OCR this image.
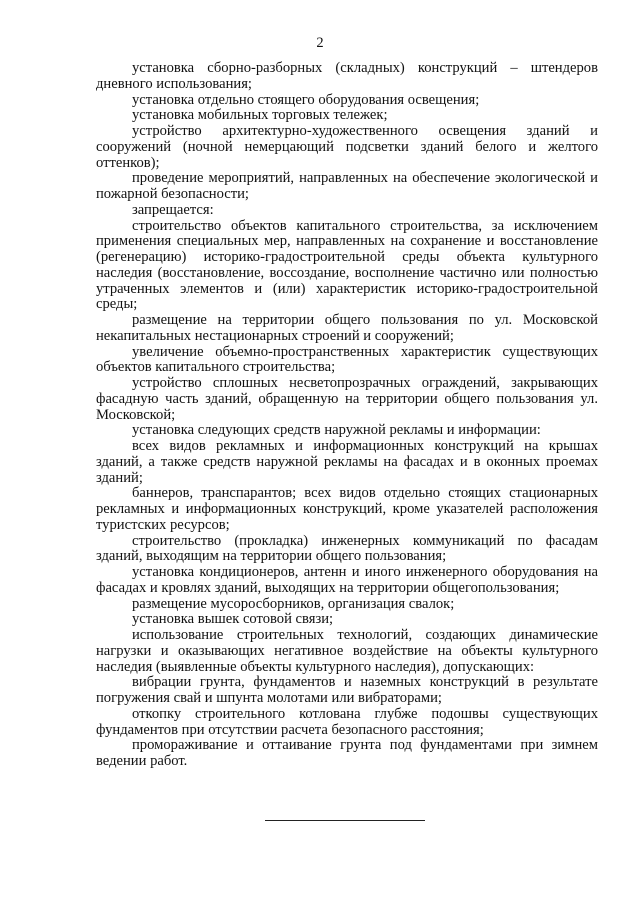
2

установка сборно-разборных (складных) конструкций – штендеров дневного использования;

установка отдельно стоящего оборудования освещения;

установка мобильных торговых тележек;

устройство архитектурно-художественного освещения зданий и сооружений (ночной немерцающий подсветки зданий белого и желтого оттенков);

проведение мероприятий, направленных на обеспечение экологической и пожарной безопасности;

запрещается:

строительство объектов капитального строительства, за исключением применения специальных мер, направленных на сохранение и восстановление (регенерацию) историко-градостроительной среды объекта культурного наследия (восстановление, воссоздание, восполнение частично или полностью утраченных элементов и (или) характеристик историко-градостроительной среды;

размещение на территории общего пользования по ул. Московской некапитальных нестационарных строений и сооружений;

увеличение объемно-пространственных характеристик существующих объектов капитального строительства;

устройство сплошных несветопрозрачных ограждений, закрывающих фасадную часть зданий, обращенную на территории общего пользования ул. Московской;

установка следующих средств наружной рекламы и информации:

всех видов рекламных и информационных конструкций на крышах зданий, а также средств наружной рекламы на фасадах и в оконных проемах зданий;

баннеров, транспарантов; всех видов отдельно стоящих стационарных рекламных и информационных конструкций, кроме указателей расположения туристских ресурсов;

строительство (прокладка) инженерных коммуникаций по фасадам зданий, выходящим на территории общего пользования;

установка кондиционеров, антенн и иного инженерного оборудования на фасадах и кровлях зданий, выходящих на территории общегопользования;

размещение мусоросборников, организация свалок;

установка вышек сотовой связи;

использование строительных технологий, создающих динамические нагрузки и оказывающих негативное воздействие на объекты культурного наследия (выявленные объекты культурного наследия), допускающих:

вибрации грунта, фундаментов и наземных конструкций в результате погружения свай и шпунта молотами или вибраторами;

откопку строительного котлована глубже подошвы существующих фундаментов при отсутствии расчета безопасного расстояния;

промораживание и оттаивание грунта под фундаментами при зимнем ведении работ.
